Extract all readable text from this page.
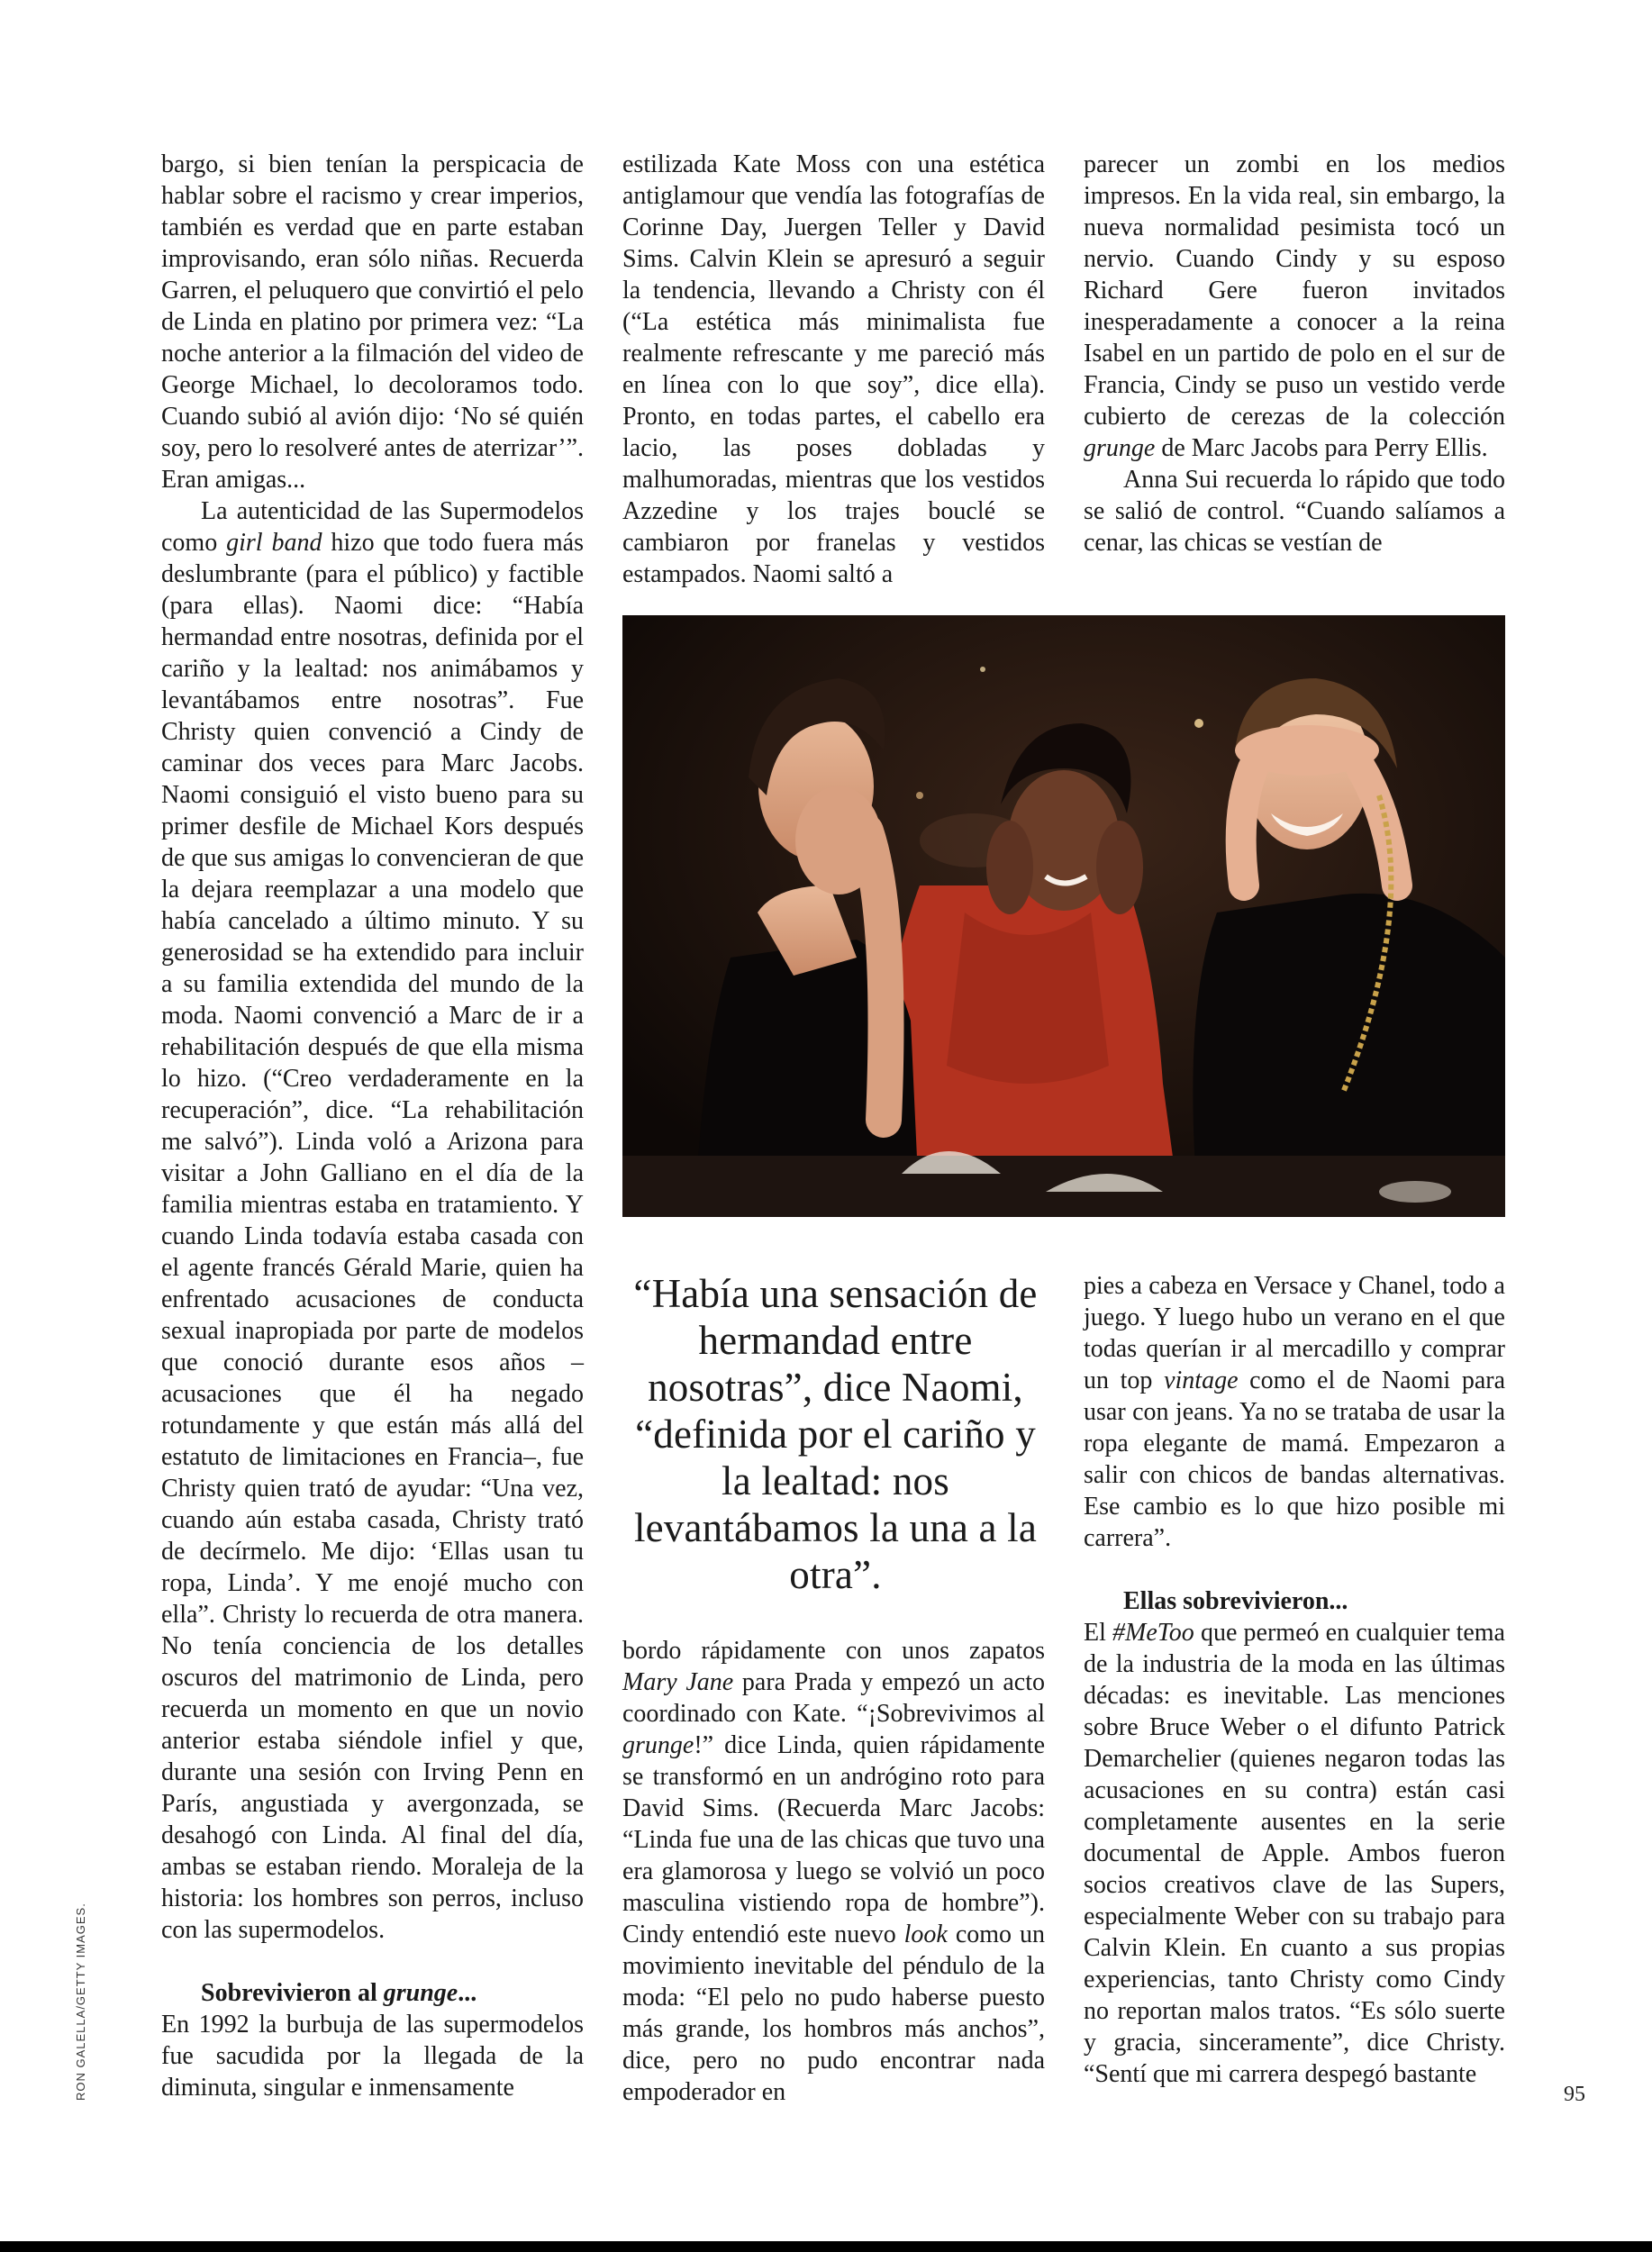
bargo, si bien tenían la perspicacia de hablar sobre el racismo y crear imperios, también es verdad que en parte estaban improvisando, eran sólo niñas. Recuerda Garren, el peluquero que convirtió el pelo de Linda en platino por primera vez: “La noche anterior a la filmación del video de George Michael, lo decoloramos todo. Cuando subió al avión dijo: ‘No sé quién soy, pero lo resolveré antes de aterrizar’”. Eran amigas...

La autenticidad de las Supermodelos como girl band hizo que todo fuera más deslumbrante (para el público) y factible (para ellas). Naomi dice: “Había hermandad entre nosotras, definida por el cariño y la lealtad: nos animábamos y levantábamos entre nosotras”. Fue Christy quien convenció a Cindy de caminar dos veces para Marc Jacobs. Naomi consiguió el visto bueno para su primer desfile de Michael Kors después de que sus amigas lo convencieran de que la dejara reemplazar a una modelo que había cancelado a último minuto. Y su generosidad se ha extendido para incluir a su familia extendida del mundo de la moda. Naomi convenció a Marc de ir a rehabilitación después de que ella misma lo hizo. (“Creo verdaderamente en la recuperación”, dice. “La rehabilitación me salvó”). Linda voló a Arizona para visitar a John Galliano en el día de la familia mientras estaba en tratamiento. Y cuando Linda todavía estaba casada con el agente francés Gérald Marie, quien ha enfrentado acusaciones de conducta sexual inapropiada por parte de modelos que conoció durante esos años –acusaciones que él ha negado rotundamente y que están más allá del estatuto de limitaciones en Francia–, fue Christy quien trató de ayudar: “Una vez, cuando aún estaba casada, Christy trató de decírmelo. Me dijo: ‘Ellas usan tu ropa, Linda’. Y me enojé mucho con ella”. Christy lo recuerda de otra manera. No tenía conciencia de los detalles oscuros del matrimonio de Linda, pero recuerda un momento en que un novio anterior estaba siéndole infiel y que, durante una sesión con Irving Penn en París, angustiada y avergonzada, se desahogó con Linda. Al final del día, ambas se estaban riendo. Moraleja de la historia: los hombres son perros, incluso con las supermodelos.

Sobrevivieron al grunge...

En 1992 la burbuja de las supermodelos fue sacudida por la llegada de la diminuta, singular e inmensamente

estilizada Kate Moss con una estética antiglamour que vendía las fotografías de Corinne Day, Juergen Teller y David Sims. Calvin Klein se apresuró a seguir la tendencia, llevando a Christy con él (“La estética más minimalista fue realmente refrescante y me pareció más en línea con lo que soy”, dice ella). Pronto, en todas partes, el cabello era lacio, las poses dobladas y malhumoradas, mientras que los vestidos Azzedine y los trajes bouclé se cambiaron por franelas y vestidos estampados. Naomi saltó a

parecer un zombi en los medios impresos. En la vida real, sin embargo, la nueva normalidad pesimista tocó un nervio. Cuando Cindy y su esposo Richard Gere fueron invitados inesperadamente a conocer a la reina Isabel en un partido de polo en el sur de Francia, Cindy se puso un vestido verde cubierto de cerezas de la colección grunge de Marc Jacobs para Perry Ellis.

Anna Sui recuerda lo rápido que todo se salió de control. “Cuando salíamos a cenar, las chicas se vestían de

“Había una sensación de hermandad entre nosotras”, dice Naomi, “definida por el cariño y la lealtad: nos levantábamos la una a la otra”.

bordo rápidamente con unos zapatos Mary Jane para Prada y empezó un acto coordinado con Kate. “¡Sobrevivimos al grunge!” dice Linda, quien rápidamente se transformó en un andrógino roto para David Sims. (Recuerda Marc Jacobs: “Linda fue una de las chicas que tuvo una era glamorosa y luego se volvió un poco masculina vistiendo ropa de hombre”). Cindy entendió este nuevo look como un movimiento inevitable del péndulo de la moda: “El pelo no pudo haberse puesto más grande, los hombros más anchos”, dice, pero no pudo encontrar nada empoderador en

pies a cabeza en Versace y Chanel, todo a juego. Y luego hubo un verano en el que todas querían ir al mercadillo y comprar un top vintage como el de Naomi para usar con jeans. Ya no se trataba de usar la ropa elegante de mamá. Empezaron a salir con chicos de bandas alternativas. Ese cambio es lo que hizo posible mi carrera”.

Ellas sobrevivieron...

El #MeToo que permeó en cualquier tema de la industria de la moda en las últimas décadas: es inevitable. Las menciones sobre Bruce Weber o el difunto Patrick Demarchelier (quienes negaron todas las acusaciones en su contra) están casi completamente ausentes en la serie documental de Apple. Ambos fueron socios creativos clave de las Supers, especialmente Weber con su trabajo para Calvin Klein. En cuanto a sus propias experiencias, tanto Christy como Cindy no reportan malos tratos. “Es sólo suerte y gracia, sinceramente”, dice Christy. “Sentí que mi carrera despegó bastante

RON GALELLA/GETTY IMAGES.	95
